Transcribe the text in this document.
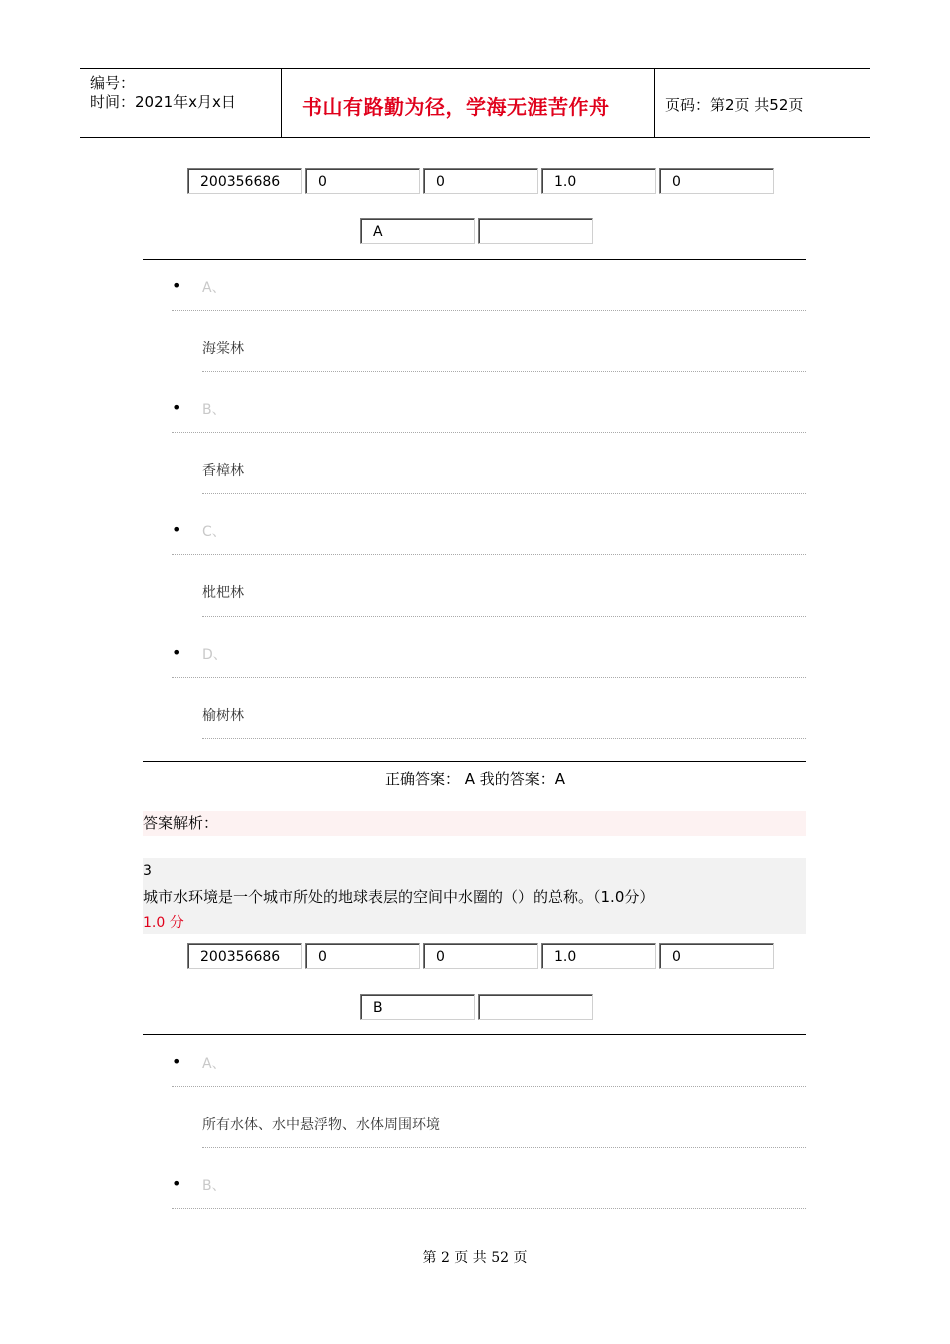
编号：
时间：2021年x月x日	书山有路勤为径，学海无涯苦作舟	页码：第2页 共52页
200356686	0	0	1.0	0
A
• A、
海棠林
• B、
香樟林
• C、
枇杷林
• D、
榆树林
正确答案： A 我的答案：A
答案解析：
3
城市水环境是一个城市所处的地球表层的空间中水圈的（）的总称。（1.0分）
1.0 分
200356686	0	0	1.0	0
B
• A、
所有水体、水中悬浮物、水体周围环境
• B、
第 2 页 共 52 页
